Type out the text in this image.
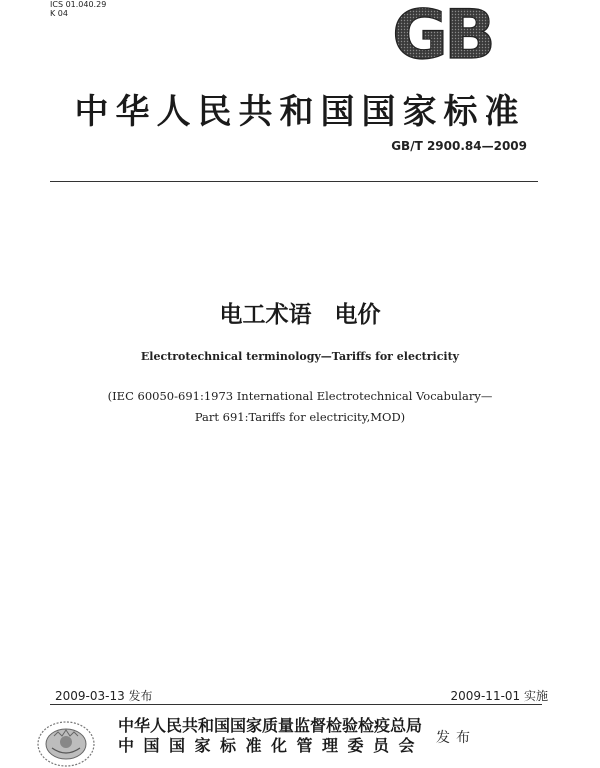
ICS 01.040.29
K 04	GB
中华人民共和国国家标准
GB/T 2900.84—2009
电工术语　电价
Electrotechnical terminology—Tariffs for electricity
(IEC 60050-691:1973 International Electrotechnical Vocabulary—
Part 691:Tariffs for electricity,MOD)
2009-03-13 发布	2009-11-01 实施
中华人民共和国国家质量监督检验检疫总局
中国国家标准化管理委员会 发布
